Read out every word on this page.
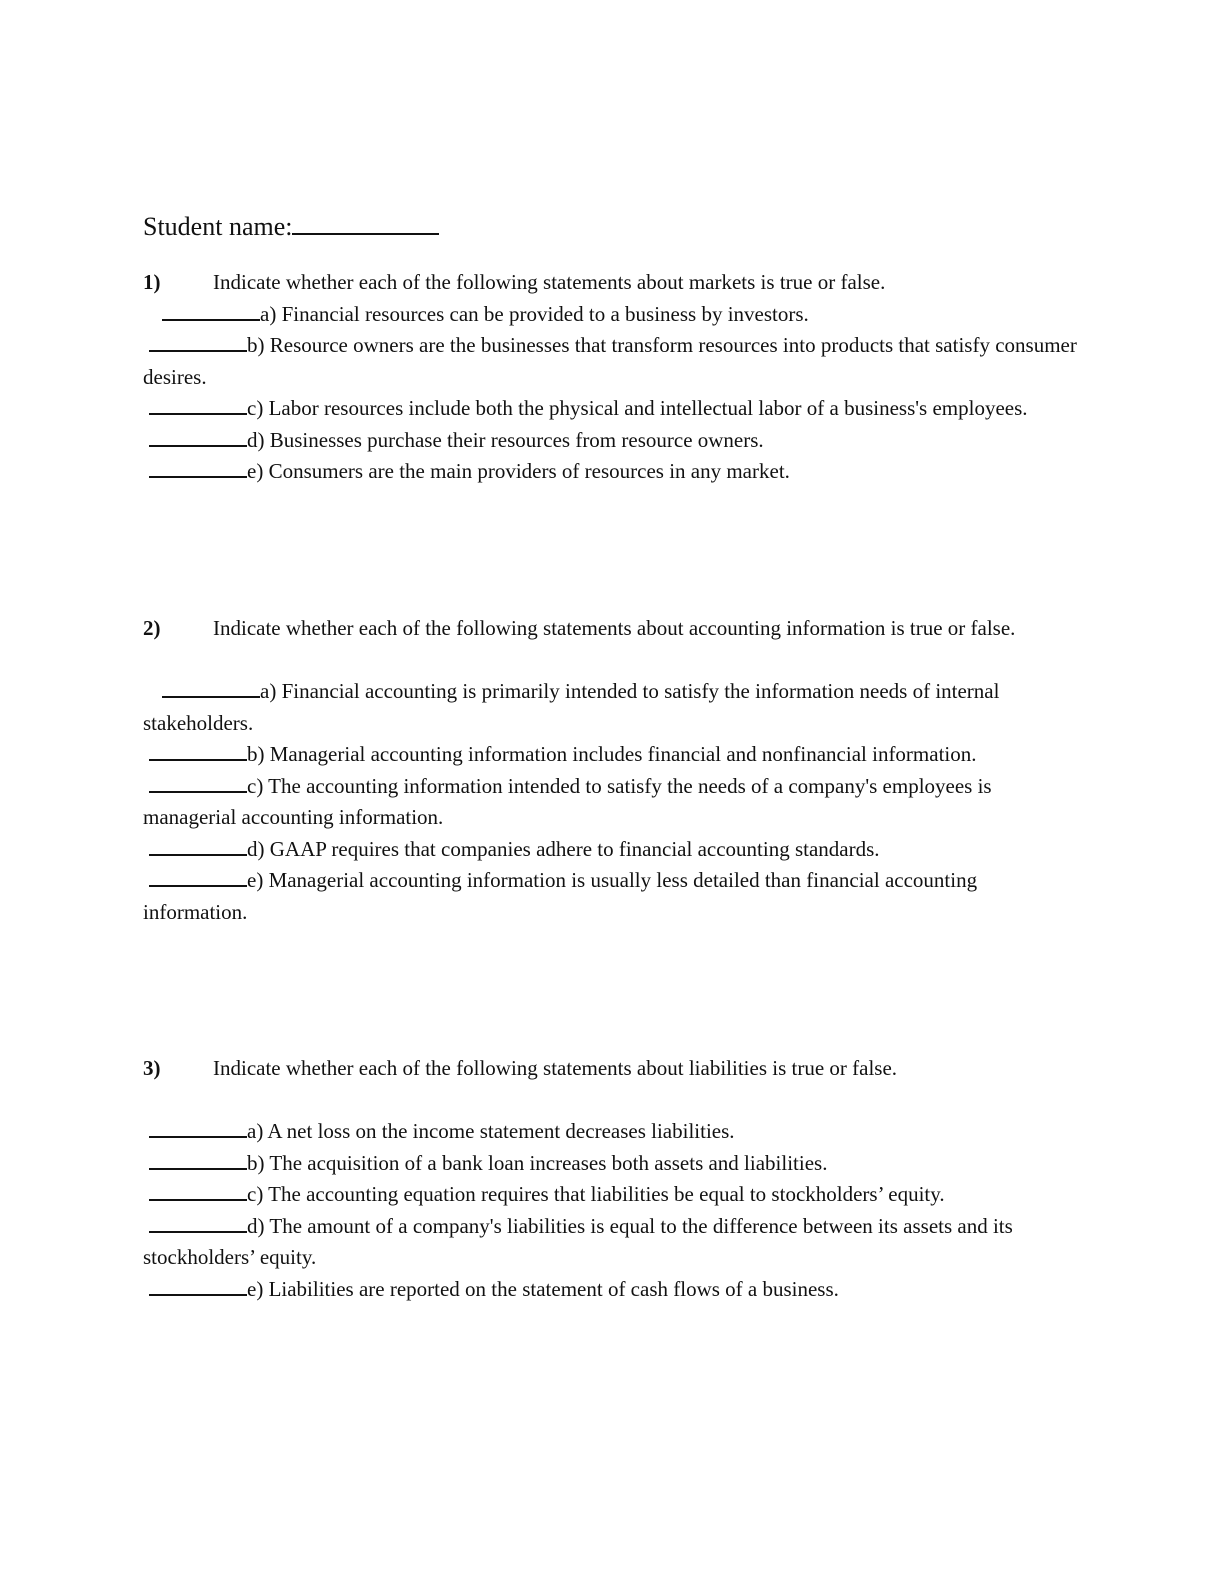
Student name:

1)	Indicate whether each of the following statements about markets is true or false.

a) Financial resources can be provided to a business by investors.

b) Resource owners are the businesses that transform resources into products that satisfy consumer desires.

c) Labor resources include both the physical and intellectual labor of a business's employees.

d) Businesses purchase their resources from resource owners.

e) Consumers are the main providers of resources in any market.

2)	Indicate whether each of the following statements about accounting information is true or false.

a) Financial accounting is primarily intended to satisfy the information needs of internal stakeholders.

b) Managerial accounting information includes financial and nonfinancial information.

c) The accounting information intended to satisfy the needs of a company's employees is managerial accounting information.

d) GAAP requires that companies adhere to financial accounting standards.

e) Managerial accounting information is usually less detailed than financial accounting information.

3)	Indicate whether each of the following statements about liabilities is true or false.

a) A net loss on the income statement decreases liabilities.

b) The acquisition of a bank loan increases both assets and liabilities.

c) The accounting equation requires that liabilities be equal to stockholders’ equity.

d) The amount of a company's liabilities is equal to the difference between its assets and its stockholders’ equity.

e) Liabilities are reported on the statement of cash flows of a business.
